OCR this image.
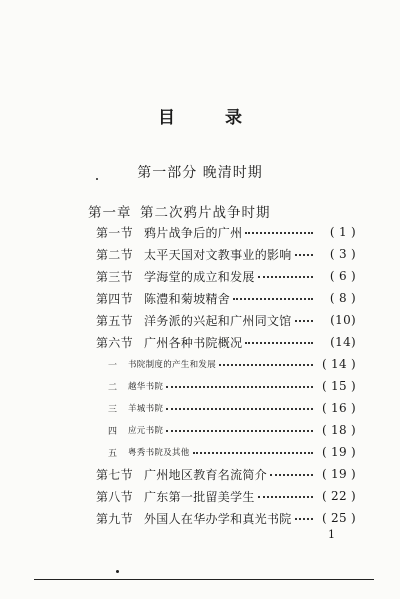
目 录
第一部分 晚清时期
第一章 第二次鸦片战争时期
第一节 鸦片战争后的广州	( 1 )
第二节 太平天国对文教事业的影响	( 3 )
第三节 学海堂的成立和发展	( 6 )
第四节 陈澧和菊坡精舍	( 8 )
第五节 洋务派的兴起和广州同文馆	(10)
第六节 广州各种书院概况	(14)
一	书院制度的产生和发展	( 14 )
二	越华书院	( 15 )
三	羊城书院	( 16 )
四	应元书院	( 18 )
五	粤秀书院及其他	( 19 )
第七节 广州地区教育名流简介	( 19 )
第八节 广东第一批留美学生	( 22 )
第九节 外国人在华办学和真光书院	( 25 )
1
